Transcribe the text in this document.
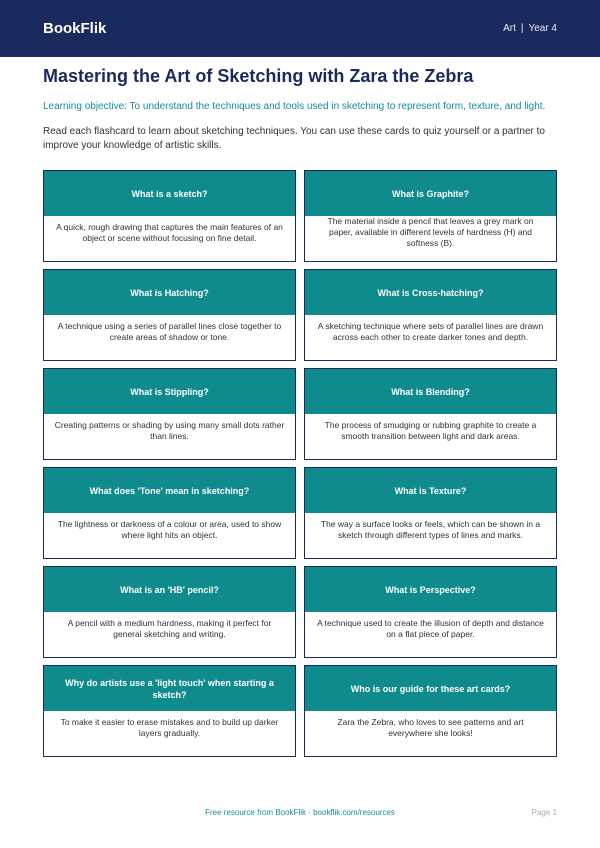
BookFlik	Art | Year 4
Mastering the Art of Sketching with Zara the Zebra

Learning objective: To understand the techniques and tools used in sketching to represent form, texture, and light.

Read each flashcard to learn about sketching techniques. You can use these cards to quiz yourself or a partner to improve your knowledge of artistic skills.

What is a sketch?
A quick, rough drawing that captures the main features of an object or scene without focusing on fine detail.
What is Graphite?
The material inside a pencil that leaves a grey mark on paper, available in different levels of hardness (H) and softness (B).
What is Hatching?
A technique using a series of parallel lines close together to create areas of shadow or tone.
What is Cross-hatching?
A sketching technique where sets of parallel lines are drawn across each other to create darker tones and depth.
What is Stippling?
Creating patterns or shading by using many small dots rather than lines.
What is Blending?
The process of smudging or rubbing graphite to create a smooth transition between light and dark areas.
What does 'Tone' mean in sketching?
The lightness or darkness of a colour or area, used to show where light hits an object.
What is Texture?
The way a surface looks or feels, which can be shown in a sketch through different types of lines and marks.
What is an 'HB' pencil?
A pencil with a medium hardness, making it perfect for general sketching and writing.
What is Perspective?
A technique used to create the illusion of depth and distance on a flat piece of paper.
Why do artists use a 'light touch' when starting a sketch?
To make it easier to erase mistakes and to build up darker layers gradually.
Who is our guide for these art cards?
Zara the Zebra, who loves to see patterns and art everywhere she looks!
Free resource from BookFlik · bookflik.com/resources	Page 1
